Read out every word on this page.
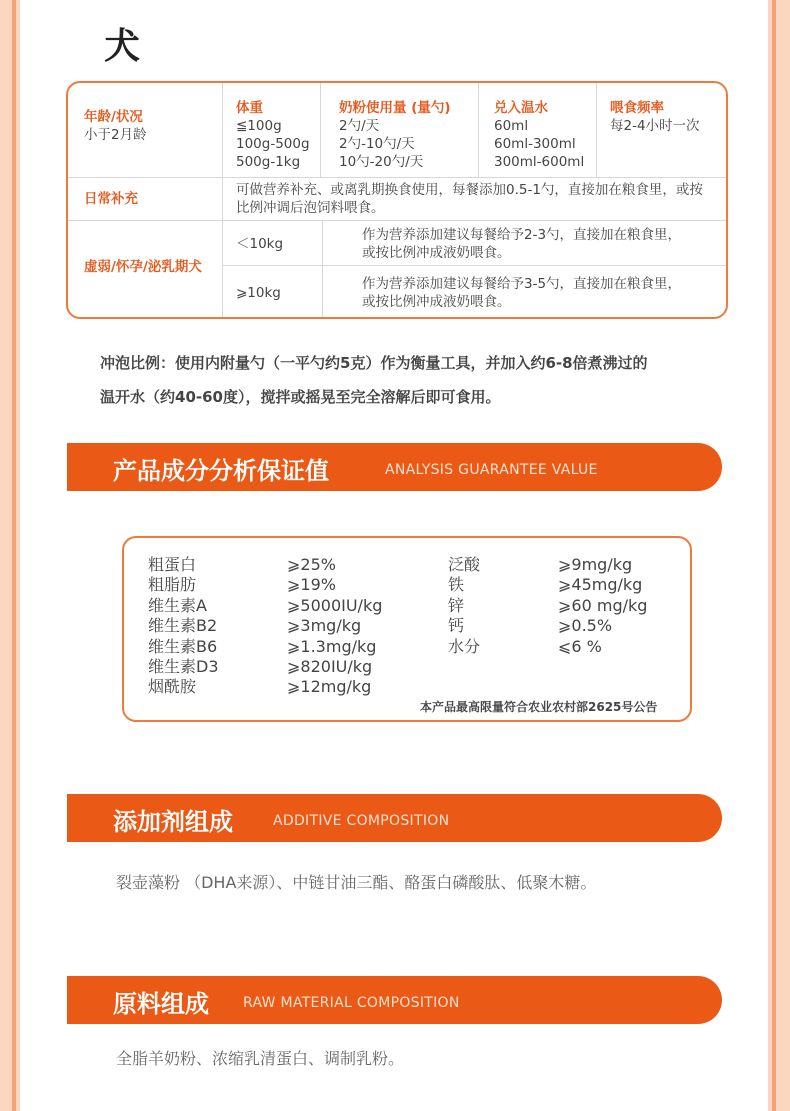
犬
年龄/状况
小于2月龄
体重
≦100g
100g-500g
500g-1kg
奶粉使用量 (量勺)
2勺/天
2勺-10勺/天
10勺-20勺/天
兑入温水
60ml
60ml-300ml
300ml-600ml
喂食频率
每2-4小时一次
日常补充
可做营养补充、或离乳期换食使用，每餐添加0.5-1勺，直接加在粮食里，或按
比例冲调后泡饲料喂食。
虚弱/怀孕/泌乳期犬
＜10kg
作为营养添加建议每餐给予2-3勺，直接加在粮食里，
或按比例冲成液奶喂食。
⩾10kg
作为营养添加建议每餐给予3-5勺，直接加在粮食里，
或按比例冲成液奶喂食。
冲泡比例：使用内附量勺（一平勺约5克）作为衡量工具，并加入约6-8倍煮沸过的
温开水（约40-60度），搅拌或摇晃至完全溶解后即可食用。
产品成分分析保证值	ANALYSIS GUARANTEE VALUE
粗蛋白
粗脂肪
维生素A
维生素B2
维生素B6
维生素D3
烟酰胺
⩾25%
⩾19%
⩾5000IU/kg
⩾3mg/kg
⩾1.3mg/kg
⩾820IU/kg
⩾12mg/kg
泛酸
铁
锌
钙
水分
⩾9mg/kg
⩾45mg/kg
⩾60 mg/kg
⩾0.5%
⩽6 %
本产品最高限量符合农业农村部2625号公告
添加剂组成	ADDITIVE COMPOSITION
裂壶藻粉 （DHA来源）、中链甘油三酯、酪蛋白磷酸肽、低聚木糖。
原料组成 RAW MATERIAL COMPOSITION
全脂羊奶粉、浓缩乳清蛋白、调制乳粉。
